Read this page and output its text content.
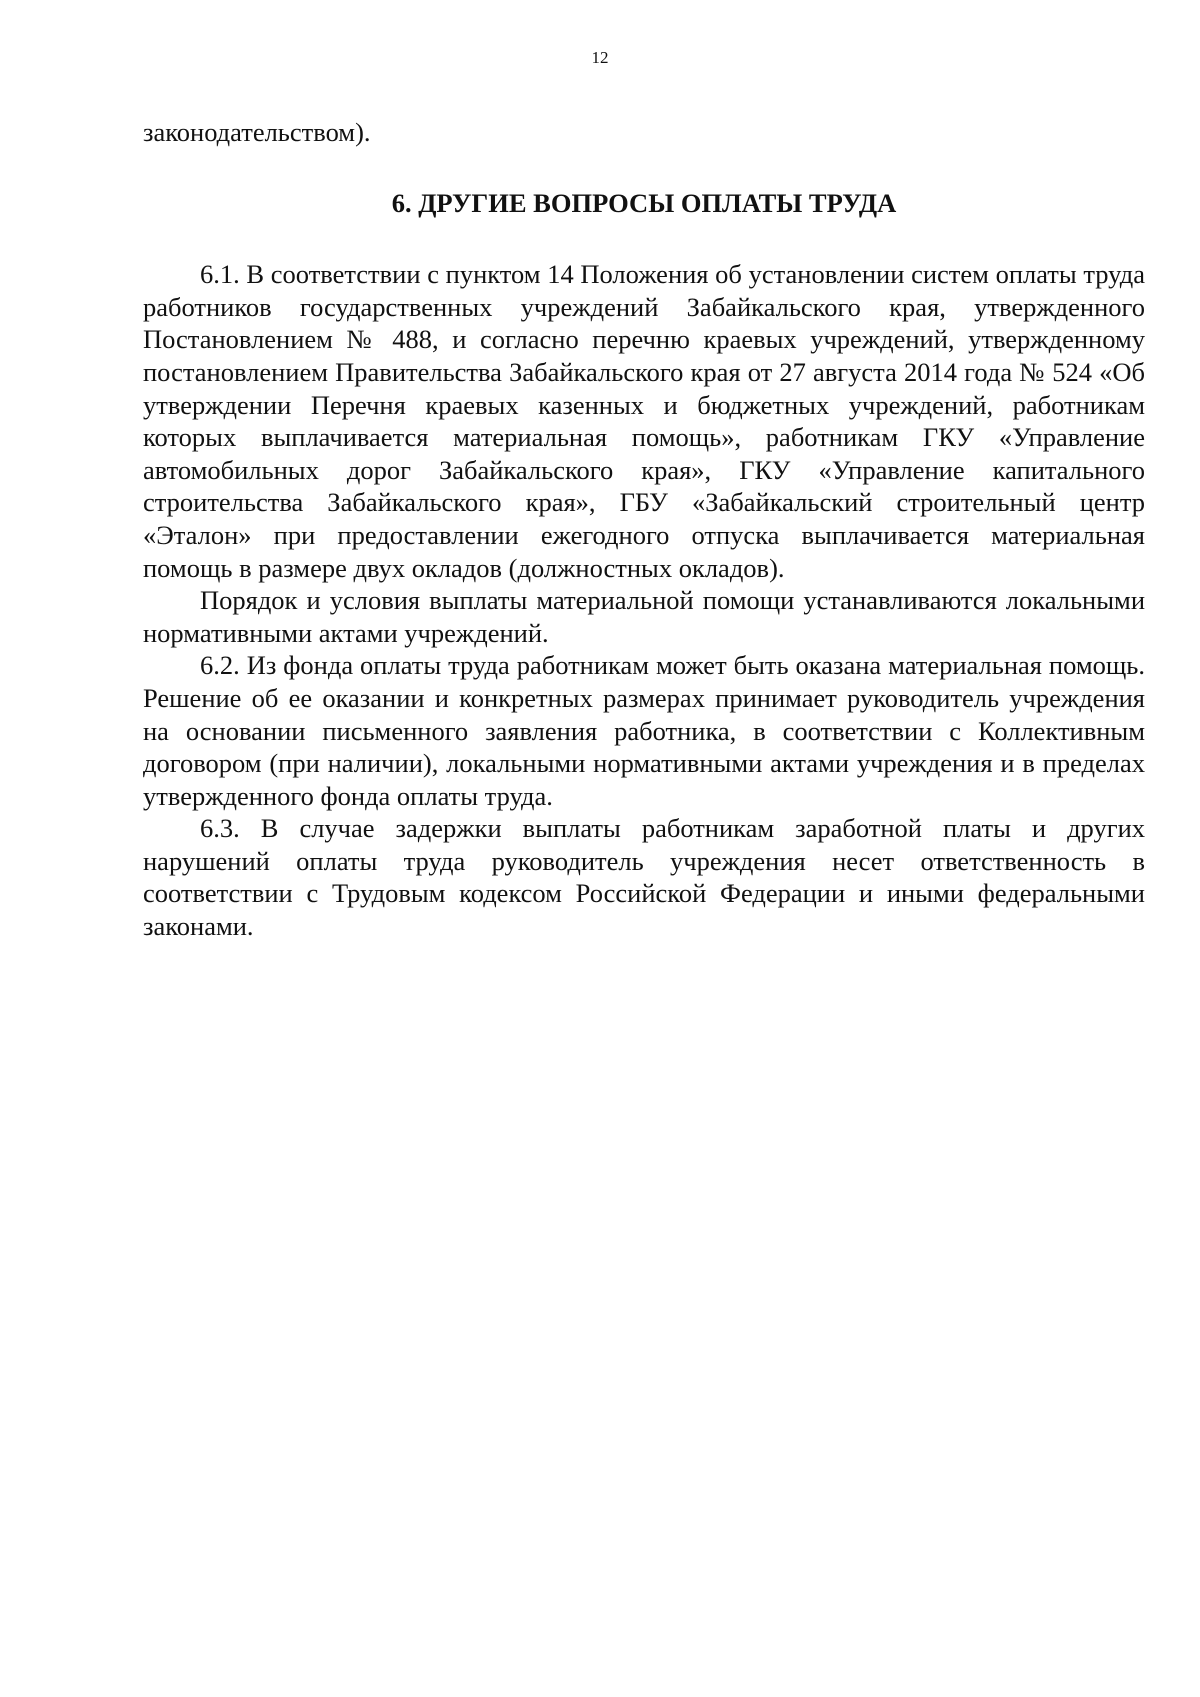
12

законодательством).

6. ДРУГИЕ ВОПРОСЫ ОПЛАТЫ ТРУДА

6.1. В соответствии с пунктом 14 Положения об установлении систем оплаты труда работников государственных учреждений Забайкальского края, утвержденного Постановлением № 488, и согласно перечню краевых учреждений, утвержденному постановлением Правительства Забайкальского края от 27 августа 2014 года № 524 «Об утверждении Перечня краевых казенных и бюджетных учреждений, работникам которых выплачивается материальная помощь», работникам ГКУ «Управление автомобильных дорог Забайкальского края», ГКУ «Управление капитального строительства Забайкальского края», ГБУ «Забайкальский строительный центр «Эталон» при предоставлении ежегодного отпуска выплачивается материальная помощь в размере двух окладов (должностных окладов).

Порядок и условия выплаты материальной помощи устанавливаются локальными нормативными актами учреждений.

6.2. Из фонда оплаты труда работникам может быть оказана материальная помощь. Решение об ее оказании и конкретных размерах принимает руководитель учреждения на основании письменного заявления работника, в соответствии с Коллективным договором (при наличии), локальными нормативными актами учреждения и в пределах утвержденного фонда оплаты труда.

6.3. В случае задержки выплаты работникам заработной платы и других нарушений оплаты труда руководитель учреждения несет ответственность в соответствии с Трудовым кодексом Российской Федерации и иными федеральными законами.
